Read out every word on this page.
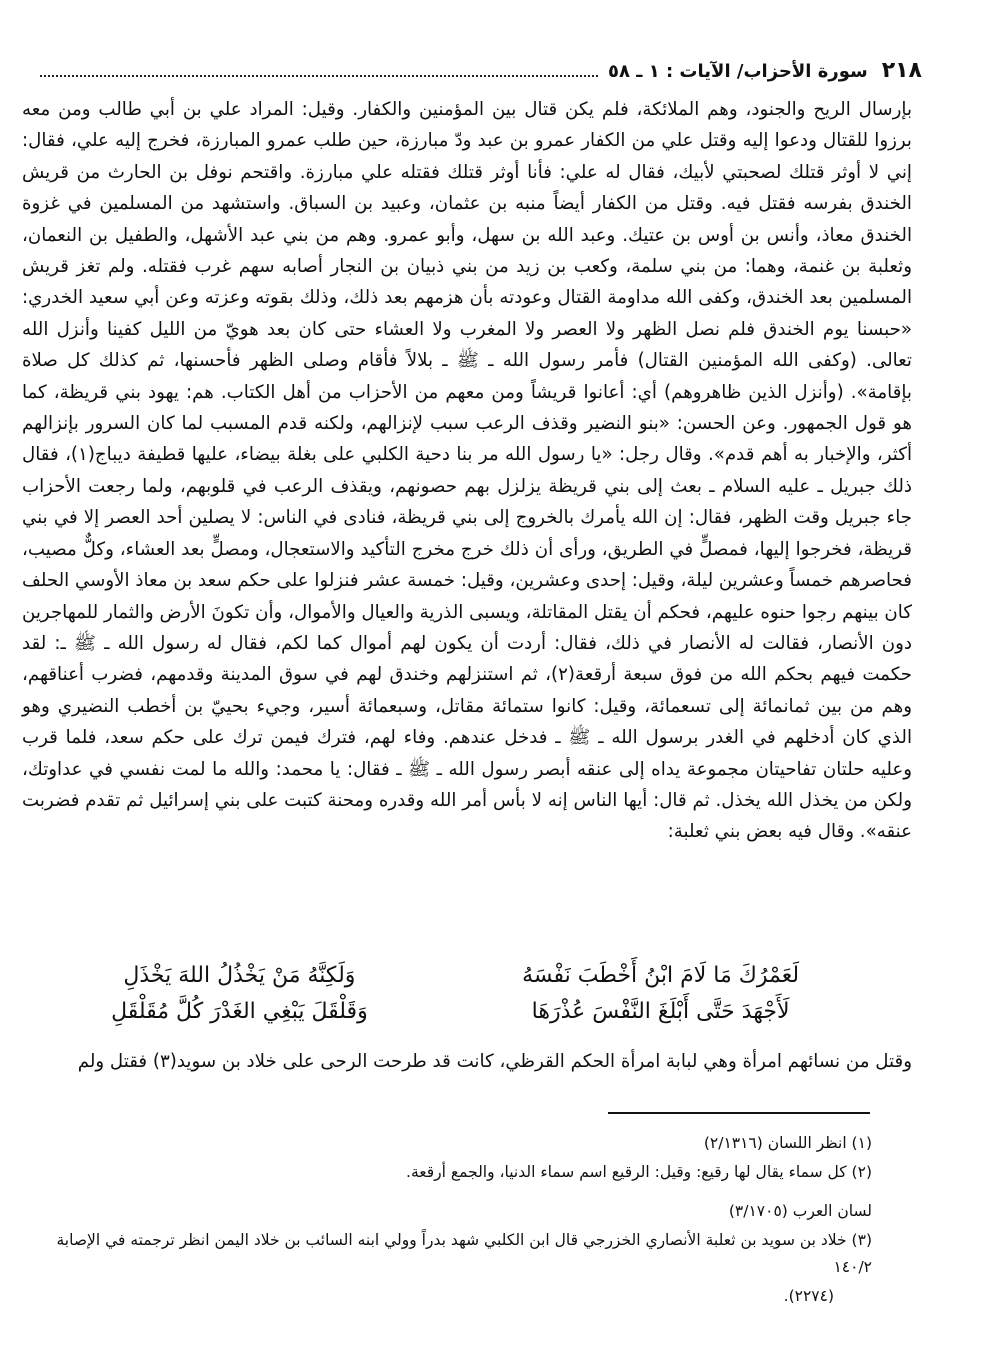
٢١٨
سورة الأحزاب/ الآيات : ١ ـ ٥٨

بإرسال الريح والجنود، وهم الملائكة، فلم يكن قتال بين المؤمنين والكفار. وقيل: المراد علي بن أبي طالب ومن معه برزوا للقتال ودعوا إليه وقتل علي من الكفار عمرو بن عبد ودّ مبارزة، حين طلب عمرو المبارزة، فخرج إليه علي، فقال: إني لا أوثر قتلك لصحبتي لأبيك، فقال له علي: فأنا أوثر قتلك فقتله علي مبارزة. واقتحم نوفل بن الحارث من قريش الخندق بفرسه فقتل فيه. وقتل من الكفار أيضاً منبه بن عثمان، وعبيد بن السباق. واستشهد من المسلمين في غزوة الخندق معاذ، وأنس بن أوس بن عتيك. وعبد الله بن سهل، وأبو عمرو. وهم من بني عبد الأشهل، والطفيل بن النعمان، وثعلبة بن غنمة، وهما: من بني سلمة، وكعب بن زيد من بني ذبيان بن النجار أصابه سهم غرب فقتله. ولم تغز قريش المسلمين بعد الخندق، وكفى الله مداومة القتال وعودته بأن هزمهم بعد ذلك، وذلك بقوته وعزته وعن أبي سعيد الخدري: «حبسنا يوم الخندق فلم نصل الظهر ولا العصر ولا المغرب ولا العشاء حتى كان بعد هويّ من الليل كفينا وأنزل الله تعالى. (وكفى الله المؤمنين القتال) فأمر رسول الله ـ ﷺ ـ بلالاً فأقام وصلى الظهر فأحسنها، ثم كذلك كل صلاة بإقامة». (وأنزل الذين ظاهروهم) أي: أعانوا قريشاً ومن معهم من الأحزاب من أهل الكتاب. هم: يهود بني قريظة، كما هو قول الجمهور. وعن الحسن: «بنو النضير وقذف الرعب سبب لإنزالهم، ولكنه قدم المسبب لما كان السرور بإنزالهم أكثر، والإخبار به أهم قدم». وقال رجل: «يا رسول الله مر بنا دحية الكلبي على بغلة بيضاء، عليها قطيفة ديباج(١)، فقال ذلك جبريل ـ عليه السلام ـ بعث إلى بني قريظة يزلزل بهم حصونهم، ويقذف الرعب في قلوبهم، ولما رجعت الأحزاب جاء جبريل وقت الظهر، فقال: إن الله يأمرك بالخروج إلى بني قريظة، فنادى في الناس: لا يصلين أحد العصر إلا في بني قريظة، فخرجوا إليها، فمصلٍّ في الطريق، ورأى أن ذلك خرج مخرج التأكيد والاستعجال، ومصلٍّ بعد العشاء، وكلٌّ مصيب، فحاصرهم خمساً وعشرين ليلة، وقيل: إحدى وعشرين، وقيل: خمسة عشر فنزلوا على حكم سعد بن معاذ الأوسي الحلف كان بينهم رجوا حنوه عليهم، فحكم أن يقتل المقاتلة، ويسبى الذرية والعيال والأموال، وأن تكونَ الأرض والثمار للمهاجرين دون الأنصار، فقالت له الأنصار في ذلك، فقال: أردت أن يكون لهم أموال كما لكم، فقال له رسول الله ـ ﷺ ـ: لقد حكمت فيهم بحكم الله من فوق سبعة أرقعة(٢)، ثم استنزلهم وخندق لهم في سوق المدينة وقدمهم، فضرب أعناقهم، وهم من بين ثمانمائة إلى تسعمائة، وقيل: كانوا ستمائة مقاتل، وسبعمائة أسير، وجيء بحييّ بن أخطب النضيري وهو الذي كان أدخلهم في الغدر برسول الله ـ ﷺ ـ فدخل عندهم. وفاء لهم، فترك فيمن ترك على حكم سعد، فلما قرب وعليه حلتان تفاحيتان مجموعة يداه إلى عنقه أبصر رسول الله ـ ﷺ ـ فقال: يا محمد: والله ما لمت نفسي في عداوتك، ولكن من يخذل الله يخذل. ثم قال: أيها الناس إنه لا بأس أمر الله وقدره ومحنة كتبت على بني إسرائيل ثم تقدم فضربت عنقه». وقال فيه بعض بني ثعلبة:

لَعَمْرُكَ مَا لَامَ ابْنُ أَخْطَبَ نَفْسَهُ
وَلَكِنَّهُ مَنْ يَخْذُلُ اللهَ يَخْذَلِ
لَأَجْهَدَ حَتَّى أَبْلَغَ النَّفْسَ عُذْرَهَا
وَقَلْقَلَ يَبْغِي الغَدْرَ كُلَّ مُقَلْقَلِ
وقتل من نسائهم امرأة وهي لبابة امرأة الحكم القرظي، كانت قد طرحت الرحى على خلاد بن سويد(٣) فقتل ولم
(١) انظر اللسان (٢/١٣١٦)
(٢) كل سماء يقال لها رقيع: وقيل: الرقيع اسم سماء الدنيا، والجمع أرقعة.
لسان العرب (٣/١٧٠٥)
(٣) خلاد بن سويد بن ثعلبة الأنصاري الخزرجي قال ابن الكلبي شهد بدراً وولي ابنه السائب بن خلاد اليمن انظر ترجمته في الإصابة ١٤٠/٢
(٢٢٧٤).
